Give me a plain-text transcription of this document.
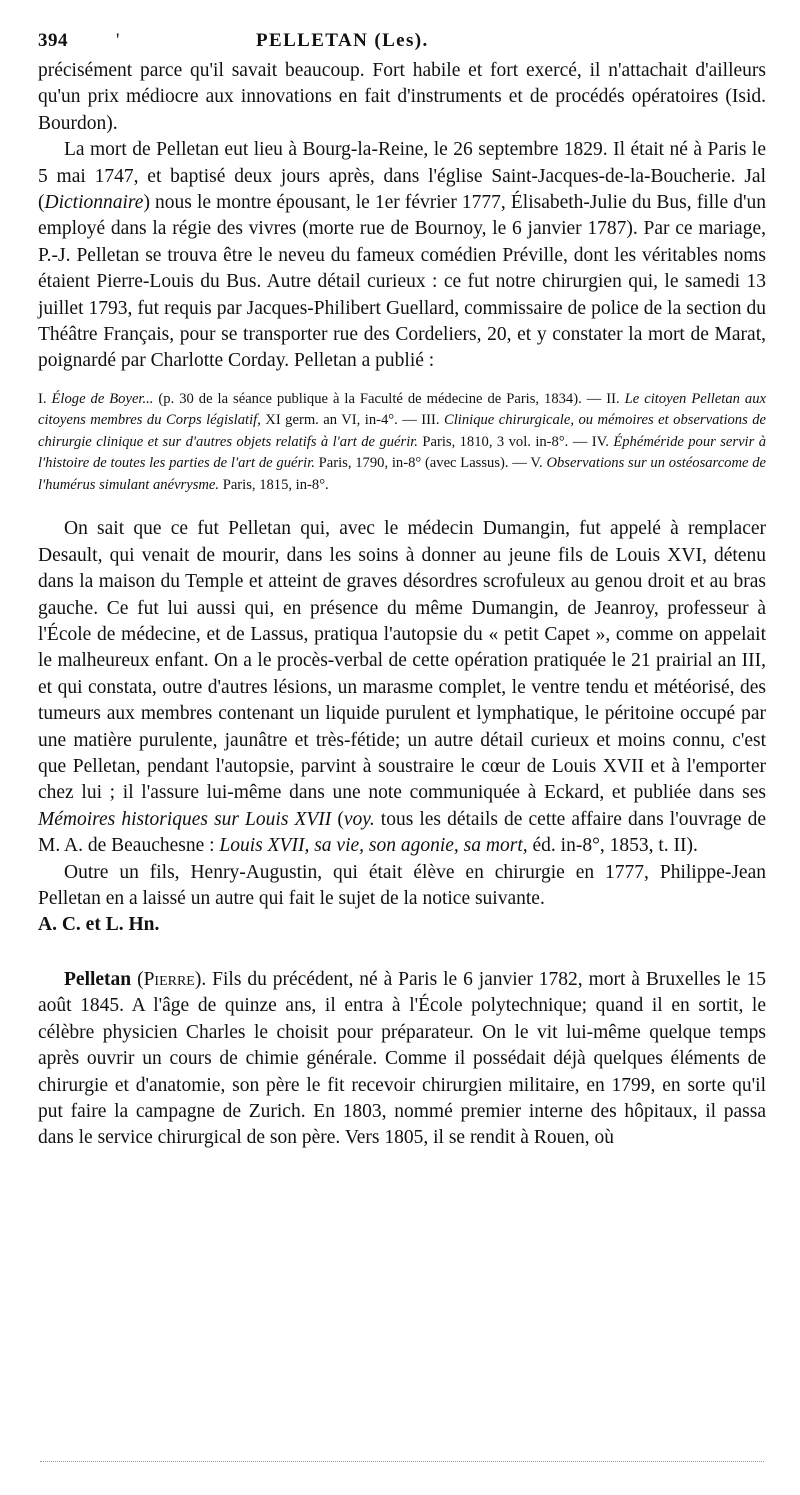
394	'	PELLETAN (Les).

précisément parce qu'il savait beaucoup. Fort habile et fort exercé, il n'attachait d'ailleurs qu'un prix médiocre aux innovations en fait d'instruments et de procédés opératoires (Isid. Bourdon).

La mort de Pelletan eut lieu à Bourg-la-Reine, le 26 septembre 1829. Il était né à Paris le 5 mai 1747, et baptisé deux jours après, dans l'église Saint-Jacques-de-la-Boucherie. Jal (Dictionnaire) nous le montre épousant, le 1er février 1777, Élisabeth-Julie du Bus, fille d'un employé dans la régie des vivres (morte rue de Bournoy, le 6 janvier 1787). Par ce mariage, P.-J. Pelletan se trouva être le neveu du fameux comédien Préville, dont les véritables noms étaient Pierre-Louis du Bus. Autre détail curieux : ce fut notre chirurgien qui, le samedi 13 juillet 1793, fut requis par Jacques-Philibert Guellard, commissaire de police de la section du Théâtre Français, pour se transporter rue des Cordeliers, 20, et y constater la mort de Marat, poignardé par Charlotte Corday. Pelletan a publié :

I. Éloge de Boyer... (p. 30 de la séance publique à la Faculté de médecine de Paris, 1834). — II. Le citoyen Pelletan aux citoyens membres du Corps législatif, XI germ. an VI, in-4°. — III. Clinique chirurgicale, ou mémoires et observations de chirurgie clinique et sur d'autres objets relatifs à l'art de guérir. Paris, 1810, 3 vol. in-8°. — IV. Éphéméride pour servir à l'histoire de toutes les parties de l'art de guérir. Paris, 1790, in-8° (avec Lassus). — V. Observations sur un ostéosarcome de l'humérus simulant anévrysme. Paris, 1815, in-8°.

On sait que ce fut Pelletan qui, avec le médecin Dumangin, fut appelé à remplacer Desault, qui venait de mourir, dans les soins à donner au jeune fils de Louis XVI, détenu dans la maison du Temple et atteint de graves désordres scrofuleux au genou droit et au bras gauche. Ce fut lui aussi qui, en présence du même Dumangin, de Jeanroy, professeur à l'École de médecine, et de Lassus, pratiqua l'autopsie du « petit Capet », comme on appelait le malheureux enfant. On a le procès-verbal de cette opération pratiquée le 21 prairial an III, et qui constata, outre d'autres lésions, un marasme complet, le ventre tendu et météorisé, des tumeurs aux membres contenant un liquide purulent et lymphatique, le péritoine occupé par une matière purulente, jaunâtre et très-fétide; un autre détail curieux et moins connu, c'est que Pelletan, pendant l'autopsie, parvint à soustraire le cœur de Louis XVII et à l'emporter chez lui ; il l'assure lui-même dans une note communiquée à Eckard, et publiée dans ses Mémoires historiques sur Louis XVII (voy. tous les détails de cette affaire dans l'ouvrage de M. A. de Beauchesne : Louis XVII, sa vie, son agonie, sa mort, éd. in-8°, 1853, t. II).

Outre un fils, Henry-Augustin, qui était élève en chirurgie en 1777, Philippe-Jean Pelletan en a laissé un autre qui fait le sujet de la notice suivante.

A. C. et L. Hn.

Pelletan (Pierre). Fils du précédent, né à Paris le 6 janvier 1782, mort à Bruxelles le 15 août 1845. A l'âge de quinze ans, il entra à l'École polytechnique; quand il en sortit, le célèbre physicien Charles le choisit pour préparateur. On le vit lui-même quelque temps après ouvrir un cours de chimie générale. Comme il possédait déjà quelques éléments de chirurgie et d'anatomie, son père le fit recevoir chirurgien militaire, en 1799, en sorte qu'il put faire la campagne de Zurich. En 1803, nommé premier interne des hôpitaux, il passa dans le service chirurgical de son père. Vers 1805, il se rendit à Rouen, où
